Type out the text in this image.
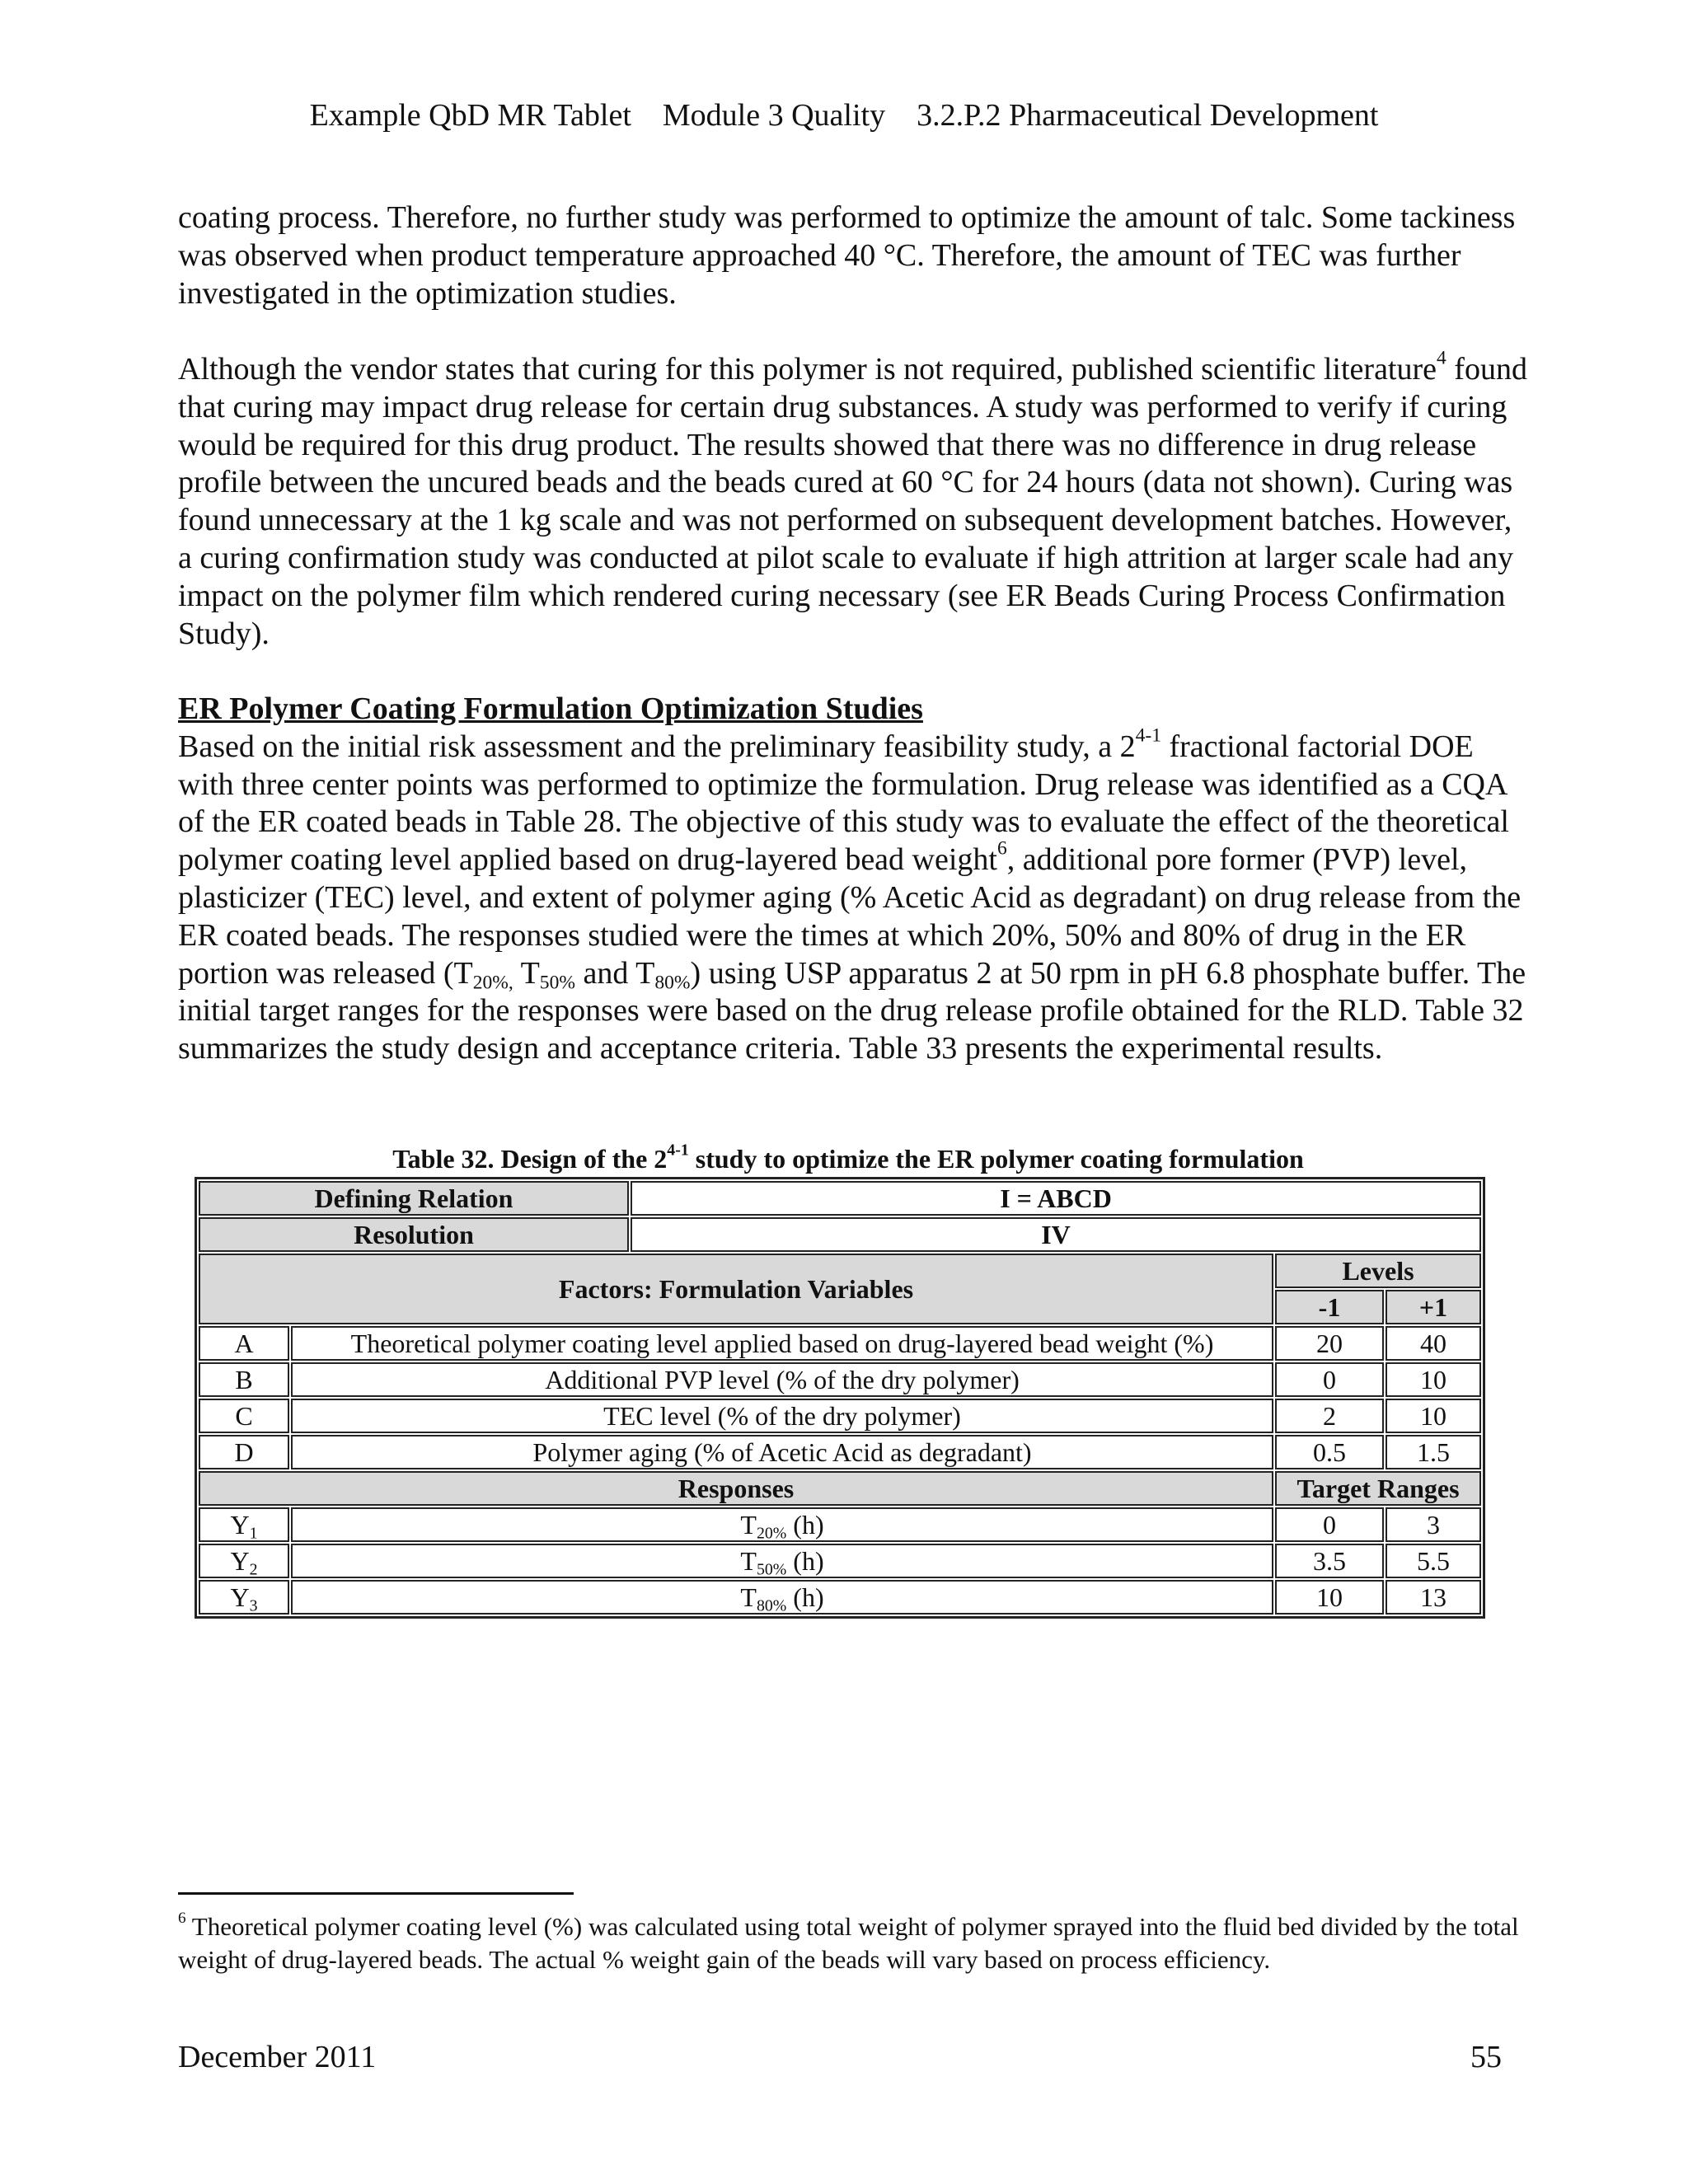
Example QbD MR Tablet    Module 3 Quality    3.2.P.2 Pharmaceutical Development

coating process. Therefore, no further study was performed to optimize the amount of talc. Some tackiness was observed when product temperature approached 40 °C. Therefore, the amount of TEC was further investigated in the optimization studies.

Although the vendor states that curing for this polymer is not required, published scientific literature$^4$ found that curing may impact drug release for certain drug substances. A study was performed to verify if curing would be required for this drug product. The results showed that there was no difference in drug release profile between the uncured beads and the beads cured at 60 °C for 24 hours (data not shown). Curing was found unnecessary at the 1 kg scale and was not performed on subsequent development batches. However, a curing confirmation study was conducted at pilot scale to evaluate if high attrition at larger scale had any impact on the polymer film which rendered curing necessary (see ER Beads Curing Process Confirmation Study).

ER Polymer Coating Formulation Optimization Studies

Based on the initial risk assessment and the preliminary feasibility study, a 2$^{4-1}$ fractional factorial DOE with three center points was performed to optimize the formulation. Drug release was identified as a CQA of the ER coated beads in Table 28. The objective of this study was to evaluate the effect of the theoretical polymer coating level applied based on drug-layered bead weight$^6$, additional pore former (PVP) level, plasticizer (TEC) level, and extent of polymer aging (% Acetic Acid as degradant) on drug release from the ER coated beads. The responses studied were the times at which 20%, 50% and 80% of drug in the ER portion was released ($T_{20\%,}$ $T_{50\%}$ and $T_{80\%}$) using USP apparatus 2 at 50 rpm in pH 6.8 phosphate buffer. The initial target ranges for the responses were based on the drug release profile obtained for the RLD. Table 32 summarizes the study design and acceptance criteria. Table 33 presents the experimental results.

Table 32. Design of the 2$^{4-1}$ study to optimize the ER polymer coating formulation
Defining Relation		I = ABCD		
Resolution		IV		
Factors: Formulation Variables			Levels	
			-1	+1
A	Theoretical polymer coating level applied based on drug-layered bead weight (%)		20	40
B	Additional PVP level (% of the dry polymer)		0	10
C	TEC level (% of the dry polymer)		2	10
D	Polymer aging (% of Acetic Acid as degradant)		0.5	1.5
Responses			Target Ranges	
$Y_1$	$T_{20\%}$ (h)		0	3
$Y_2$	$T_{50\%}$ (h)		3.5	5.5
$Y_3$	$T_{80\%}$ (h)		10	13
$^6$ Theoretical polymer coating level (%) was calculated using total weight of polymer sprayed into the fluid bed divided by the total weight of drug-layered beads. The actual % weight gain of the beads will vary based on process efficiency.
December 2011	55
